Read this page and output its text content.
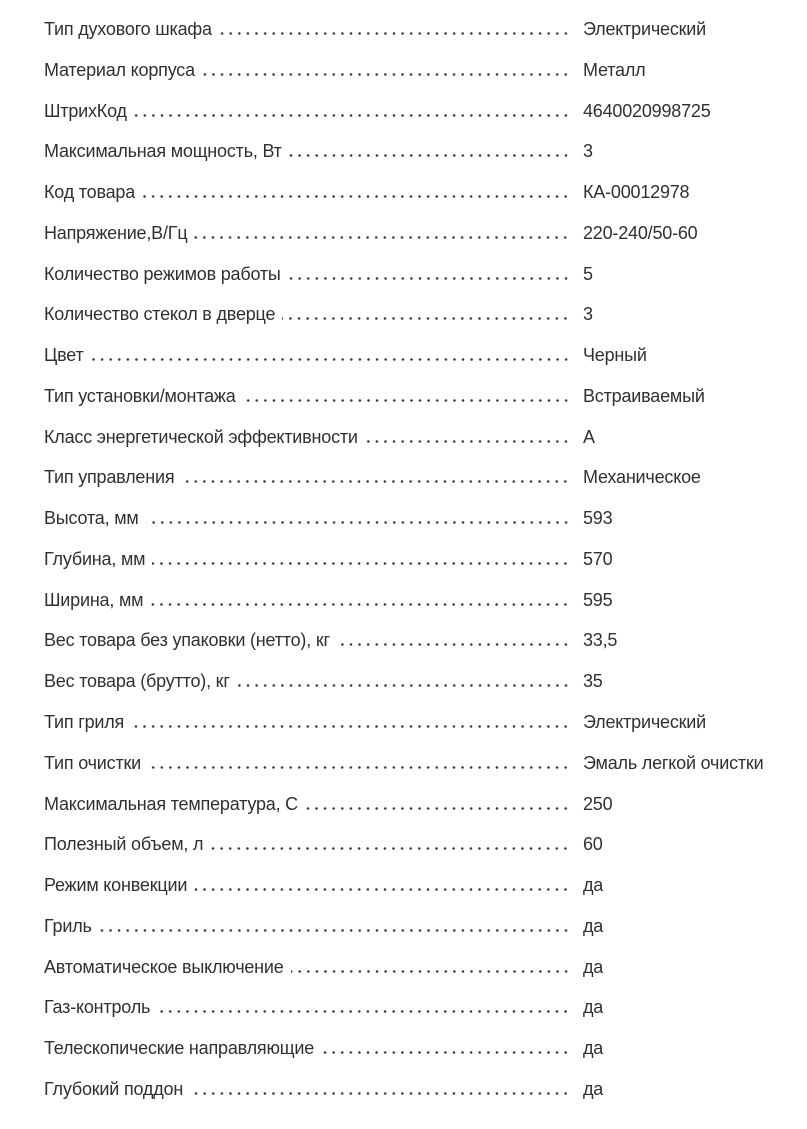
Тип духового шкафа	Электрический
Материал корпуса	Металл
ШтрихКод	4640020998725
Максимальная мощность, Вт	3
Код товара	КА-00012978
Напряжение,В/Гц	220-240/50-60
Количество режимов работы	5
Количество стекол в дверце	3
Цвет	Черный
Тип установки/монтажа	Встраиваемый
Класс энергетической эффективности	А
Тип управления	Механическое
Высота, мм	593
Глубина, мм	570
Ширина, мм	595
Вес товара без упаковки (нетто), кг	33,5
Вес товара (брутто), кг	35
Тип гриля	Электрический
Тип очистки	Эмаль легкой очистки
Максимальная температура, С	250
Полезный объем, л	60
Режим конвекции	да
Гриль	да
Автоматическое выключение	да
Газ-контроль	да
Телескопические направляющие	да
Глубокий поддон	да
